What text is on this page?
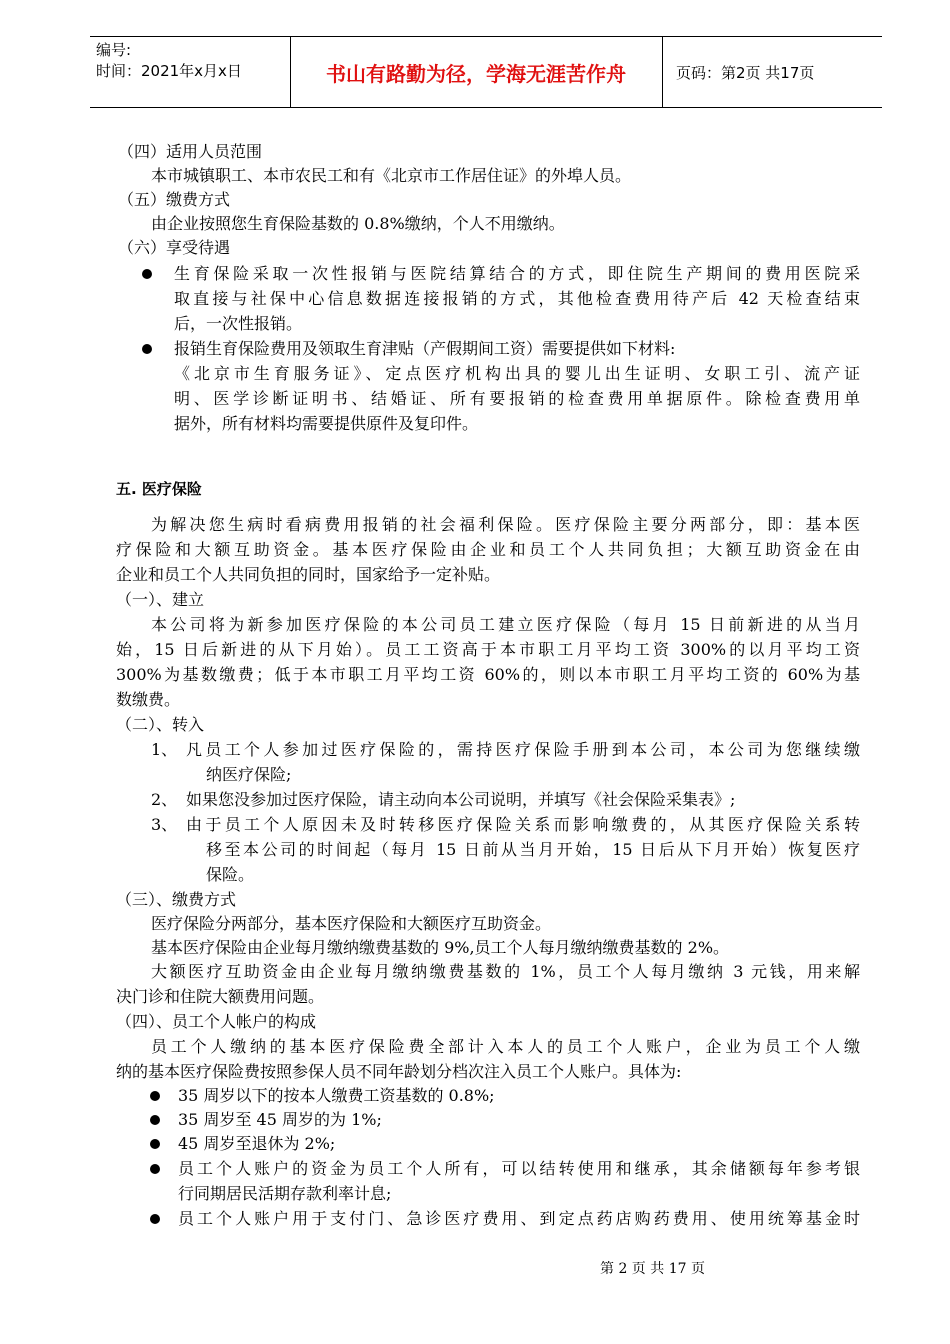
编号:
时间：2021年x月x日	书山有路勤为径，学海无涯苦作舟	页码：第2页 共17页
（四）适用人员范围
本市城镇职工、本市农民工和有《北京市工作居住证》的外埠人员。
（五）缴费方式
由企业按照您生育保险基数的 0.8%缴纳，个人不用缴纳。
（六）享受待遇
生育保险采取一次性报销与医院结算结合的方式，即住院生产期间的费用医院采
取直接与社保中心信息数据连接报销的方式，其他检查费用待产后 42 天检查结束
后，一次性报销。
报销生育保险费用及领取生育津贴（产假期间工资）需要提供如下材料:
《北京市生育服务证》、定点医疗机构出具的婴儿出生证明、女职工引、流产证
明、医学诊断证明书、结婚证、所有要报销的检查费用单据原件。除检查费用单
据外，所有材料均需要提供原件及复印件。
五. 医疗保险
为解决您生病时看病费用报销的社会福利保险。医疗保险主要分两部分，即：基本医
疗保险和大额互助资金。基本医疗保险由企业和员工个人共同负担；大额互助资金在由
企业和员工个人共同负担的同时，国家给予一定补贴。
（一）、建立
本公司将为新参加医疗保险的本公司员工建立医疗保险（每月 15 日前新进的从当月
始，15 日后新进的从下月始）。员工工资高于本市职工月平均工资 300%的以月平均工资
300%为基数缴费；低于本市职工月平均工资 60%的，则以本市职工月平均工资的 60%为基
数缴费。
（二）、转入
1、 凡员工个人参加过医疗保险的，需持医疗保险手册到本公司，本公司为您继续缴
纳医疗保险;
2、 如果您没参加过医疗保险，请主动向本公司说明，并填写《社会保险采集表》;
3、 由于员工个人原因未及时转移医疗保险关系而影响缴费的，从其医疗保险关系转
移至本公司的时间起（每月 15 日前从当月开始，15 日后从下月开始）恢复医疗
保险。
（三）、缴费方式
医疗保险分两部分，基本医疗保险和大额医疗互助资金。
基本医疗保险由企业每月缴纳缴费基数的 9%,员工个人每月缴纳缴费基数的 2%。
大额医疗互助资金由企业每月缴纳缴费基数的 1%，员工个人每月缴纳 3 元钱，用来解
决门诊和住院大额费用问题。
（四）、员工个人帐户的构成
员工个人缴纳的基本医疗保险费全部计入本人的员工个人账户，企业为员工个人缴
纳的基本医疗保险费按照参保人员不同年龄划分档次注入员工个人账户。具体为:
35 周岁以下的按本人缴费工资基数的 0.8%;
35 周岁至 45 周岁的为 1%;
45 周岁至退休为 2%;
员工个人账户的资金为员工个人所有，可以结转使用和继承，其余储额每年参考银
行同期居民活期存款利率计息;
员工个人账户用于支付门、急诊医疗费用、到定点药店购药费用、使用统筹基金时
第 2 页 共 17 页
